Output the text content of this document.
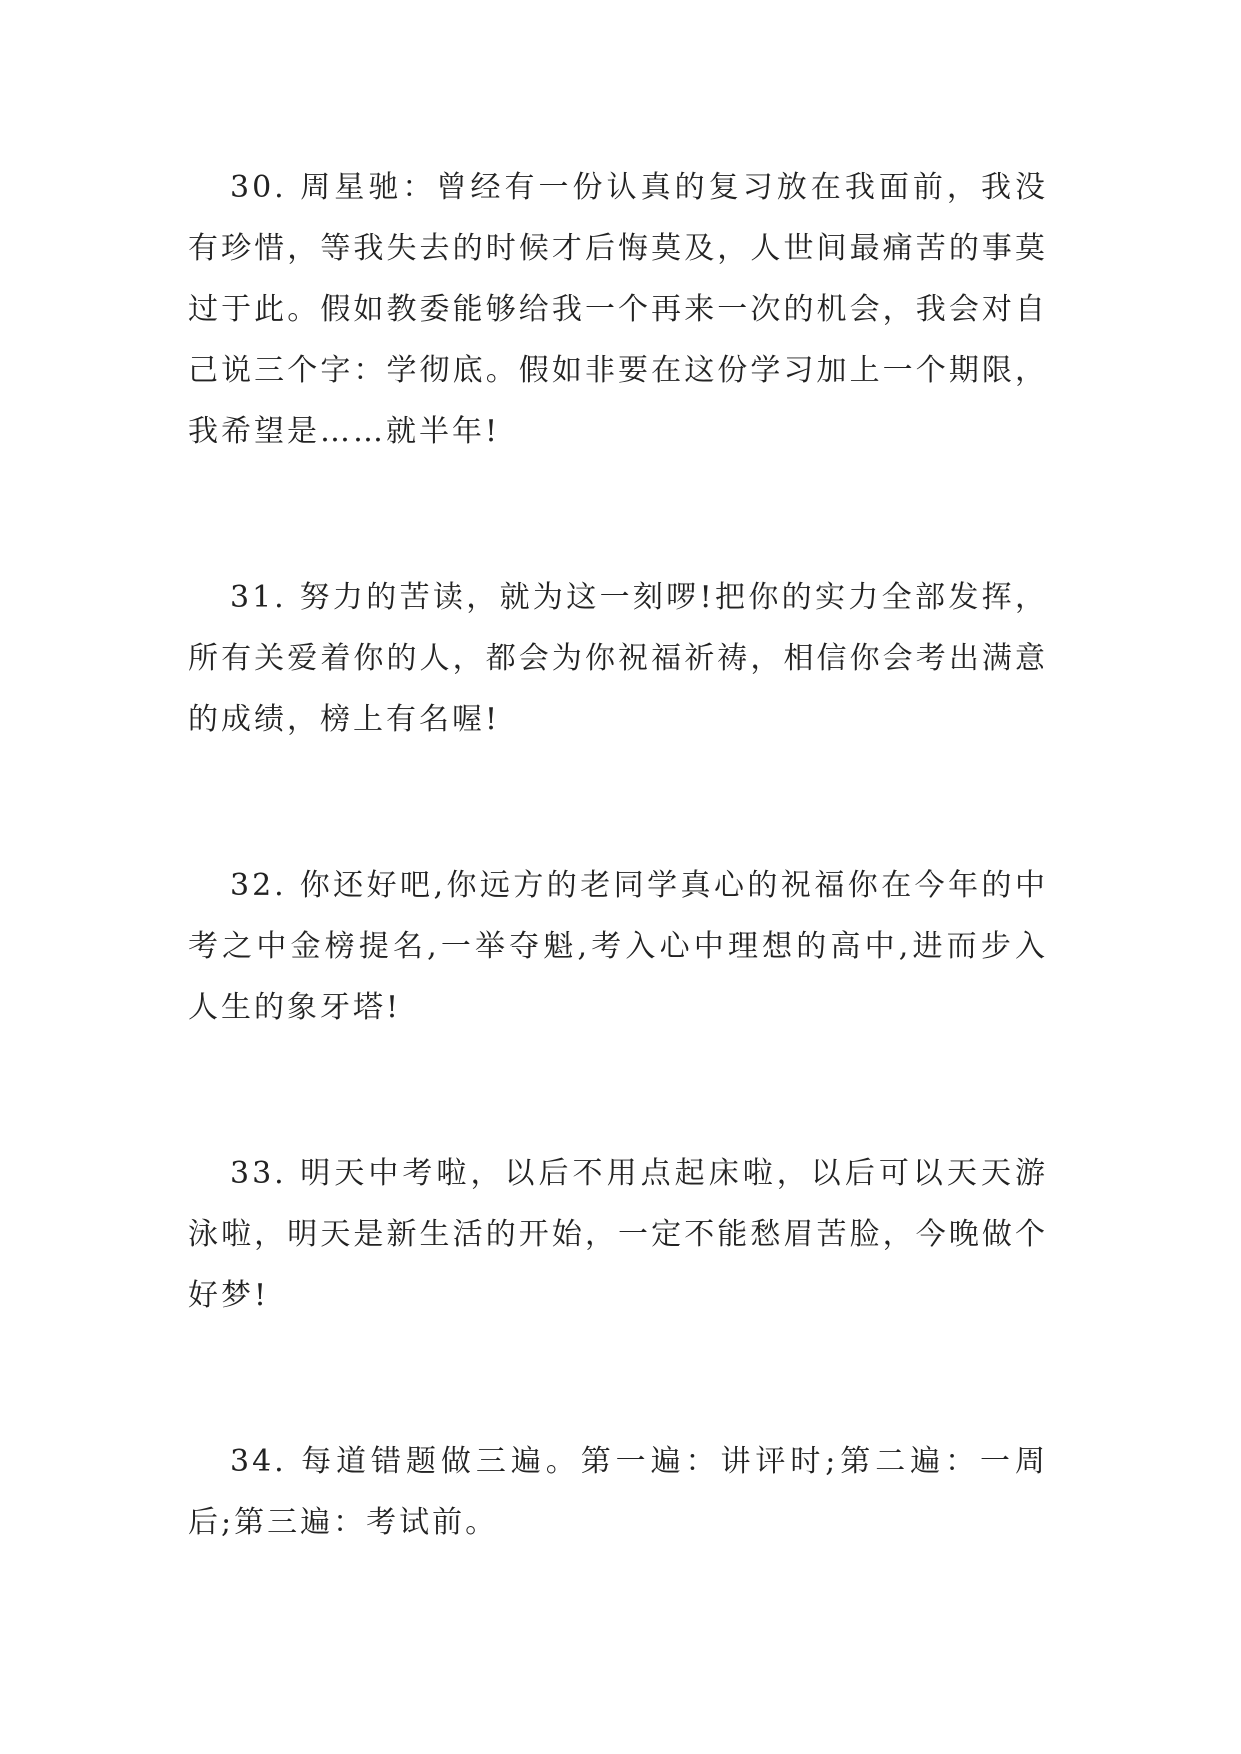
30. 周星驰：曾经有一份认真的复习放在我面前，我没有珍惜，等我失去的时候才后悔莫及，人世间最痛苦的事莫过于此。假如教委能够给我一个再来一次的机会，我会对自己说三个字：学彻底。假如非要在这份学习加上一个期限，我希望是……就半年!

31. 努力的苦读，就为这一刻啰!把你的实力全部发挥，所有关爱着你的人，都会为你祝福祈祷，相信你会考出满意的成绩，榜上有名喔!

32. 你还好吧,你远方的老同学真心的祝福你在今年的中考之中金榜提名,一举夺魁,考入心中理想的高中,进而步入人生的象牙塔!

33. 明天中考啦，以后不用点起床啦，以后可以天天游泳啦，明天是新生活的开始，一定不能愁眉苦脸，今晚做个好梦!

34. 每道错题做三遍。第一遍：讲评时;第二遍：一周后;第三遍：考试前。
